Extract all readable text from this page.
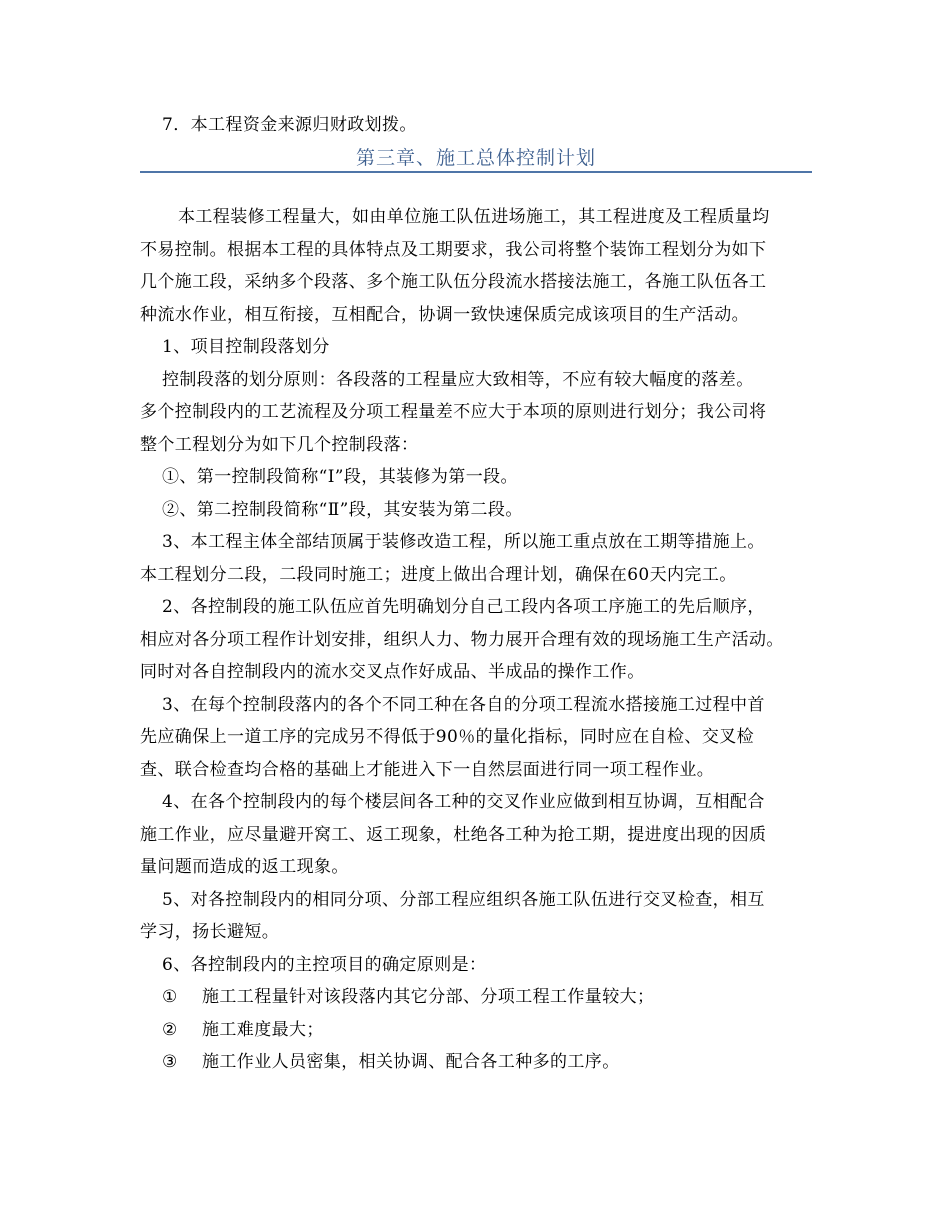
7．本工程资金来源归财政划拨。
第三章、施工总体控制计划
本工程装修工程量大，如由单位施工队伍进场施工，其工程进度及工程质量均
不易控制。根据本工程的具体特点及工期要求，我公司将整个装饰工程划分为如下
几个施工段，采纳多个段落、多个施工队伍分段流水搭接法施工，各施工队伍各工
种流水作业，相互衔接，互相配合，协调一致快速保质完成该项目的生产活动。
1、项目控制段落划分
控制段落的划分原则：各段落的工程量应大致相等，不应有较大幅度的落差。
多个控制段内的工艺流程及分项工程量差不应大于本项的原则进行划分；我公司将
整个工程划分为如下几个控制段落：
①、第一控制段简称“Ⅰ”段，其装修为第一段。
②、第二控制段简称“Ⅱ”段，其安装为第二段。
3、本工程主体全部结顶属于装修改造工程，所以施工重点放在工期等措施上。
本工程划分二段，二段同时施工；进度上做出合理计划，确保在60天内完工。
2、各控制段的施工队伍应首先明确划分自己工段内各项工序施工的先后顺序，
相应对各分项工程作计划安排，组织人力、物力展开合理有效的现场施工生产活动。
同时对各自控制段内的流水交叉点作好成品、半成品的操作工作。
3、在每个控制段落内的各个不同工种在各自的分项工程流水搭接施工过程中首
先应确保上一道工序的完成另不得低于90％的量化指标，同时应在自检、交叉检
查、联合检查均合格的基础上才能进入下一自然层面进行同一项工程作业。
4、在各个控制段内的每个楼层间各工种的交叉作业应做到相互协调，互相配合
施工作业，应尽量避开窝工、返工现象，杜绝各工种为抢工期，提进度出现的因质
量问题而造成的返工现象。
5、对各控制段内的相同分项、分部工程应组织各施工队伍进行交叉检查，相互
学习，扬长避短。
6、各控制段内的主控项目的确定原则是：
① 施工工程量针对该段落内其它分部、分项工程工作量较大；
② 施工难度最大；
③ 施工作业人员密集，相关协调、配合各工种多的工序。
